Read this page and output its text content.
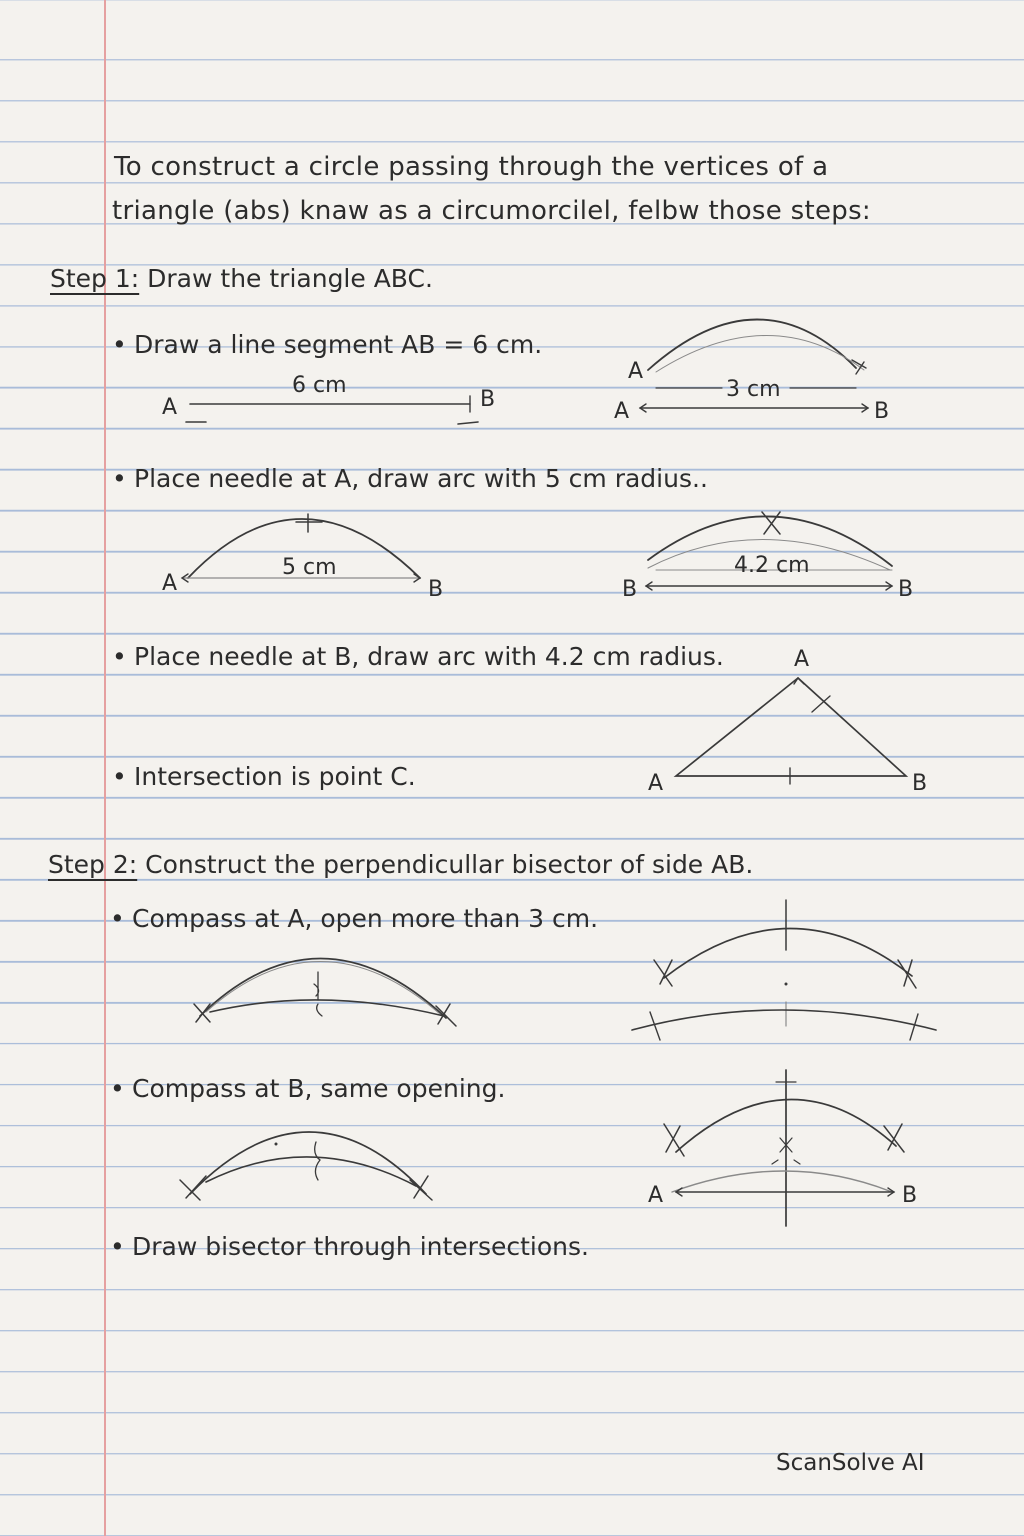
To construct a circle passing through the vertices of a
triangle (abs) knaw as a circumorcilel, felbw those steps:
Step 1: Draw the triangle ABC.
• Draw a line segment AB = 6 cm.
• Place needle at A, draw arc with 5 cm radius..
• Place needle at B, draw arc with 4.2 cm radius.
• Intersection is point C.
Step 2: Construct the perpendicullar bisector of side AB.
• Compass at A, open more than 3 cm.
• Compass at B, same opening.
• Draw bisector through intersections.
A	B
6 cm
A
A
B
3 cm
A	B
5 cm
B	B
4.2 cm
A
A	B
A	B
ScanSolve AI
